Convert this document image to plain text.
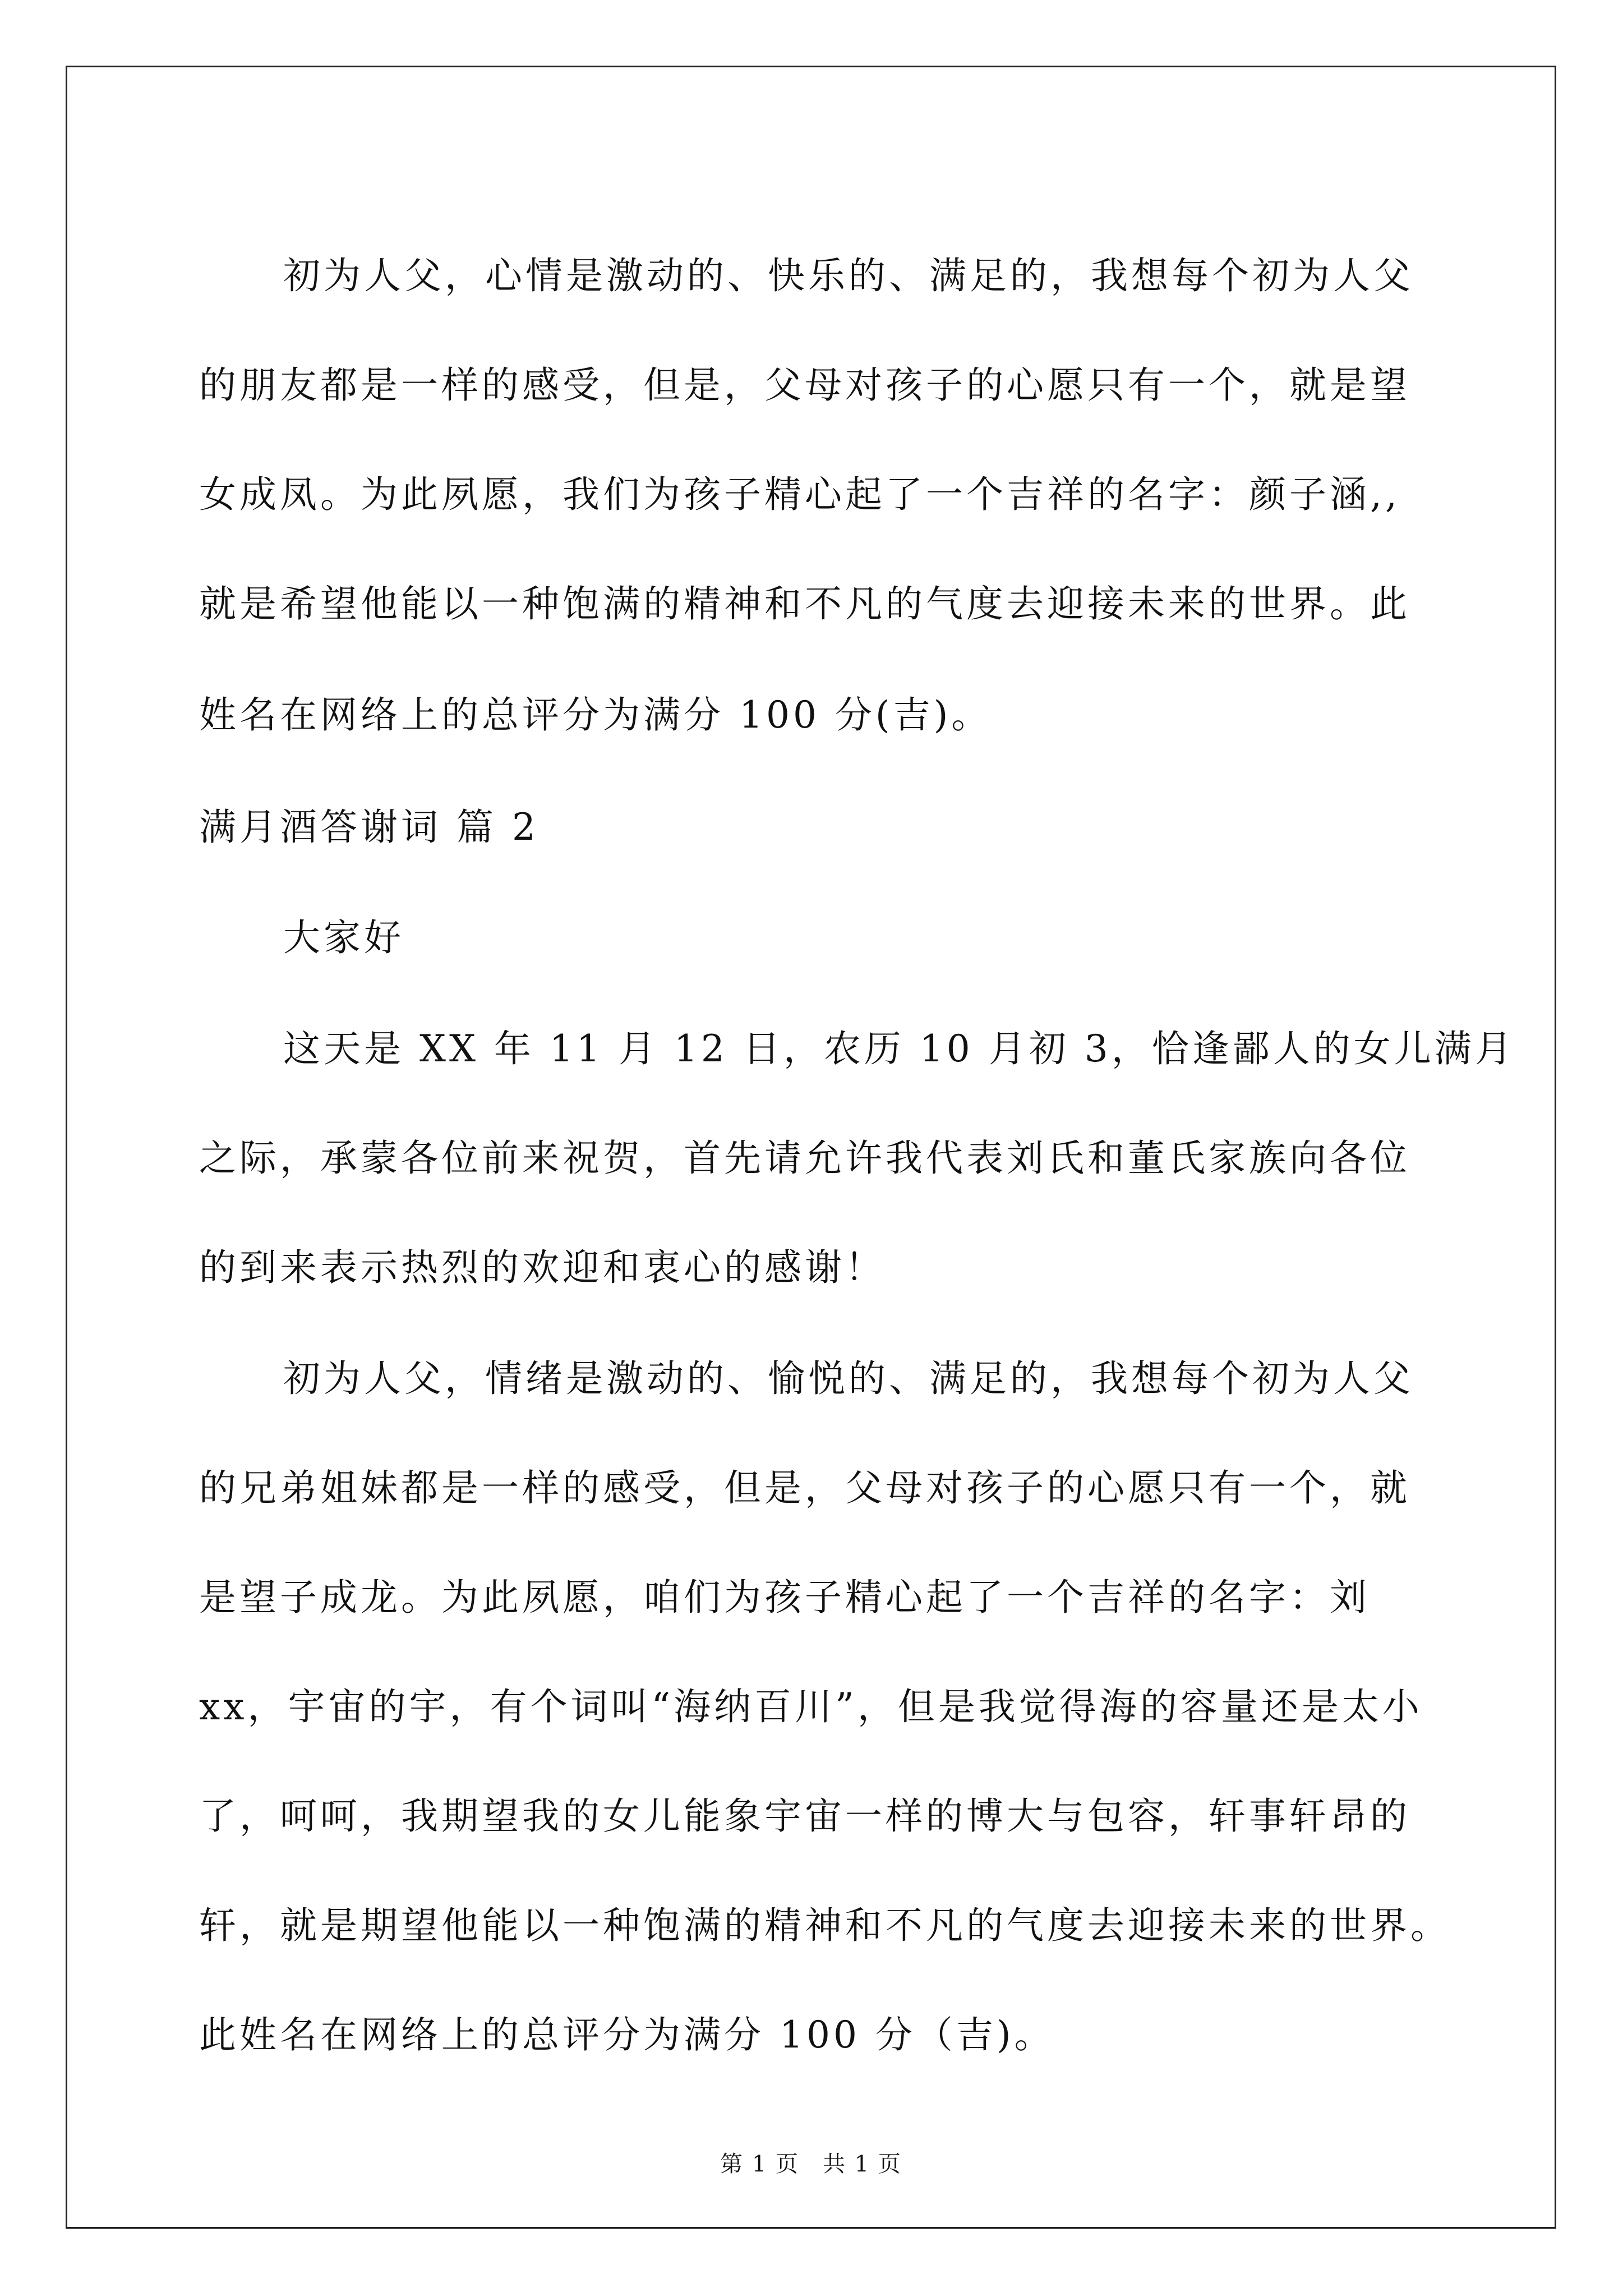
初为人父，心情是激动的、快乐的、满足的，我想每个初为人父
的朋友都是一样的感受，但是，父母对孩子的心愿只有一个，就是望
女成凤。为此夙愿，我们为孩子精心起了一个吉祥的名字：颜子涵,,
就是希望他能以一种饱满的精神和不凡的气度去迎接未来的世界。此
姓名在网络上的总评分为满分 100 分(吉)。
满月酒答谢词 篇 2
大家好
这天是 XX 年 11 月 12 日，农历 10 月初 3，恰逢鄙人的女儿满月
之际，承蒙各位前来祝贺，首先请允许我代表刘氏和董氏家族向各位
的到来表示热烈的欢迎和衷心的感谢！
初为人父，情绪是激动的、愉悦的、满足的，我想每个初为人父
的兄弟姐妹都是一样的感受，但是，父母对孩子的心愿只有一个，就
是望子成龙。为此夙愿，咱们为孩子精心起了一个吉祥的名字：刘
xx，宇宙的宇，有个词叫“海纳百川”，但是我觉得海的容量还是太小
了，呵呵，我期望我的女儿能象宇宙一样的博大与包容，轩事轩昂的
轩，就是期望他能以一种饱满的精神和不凡的气度去迎接未来的世界。
此姓名在网络上的总评分为满分 100 分（吉)。
第 1 页　共 1 页
